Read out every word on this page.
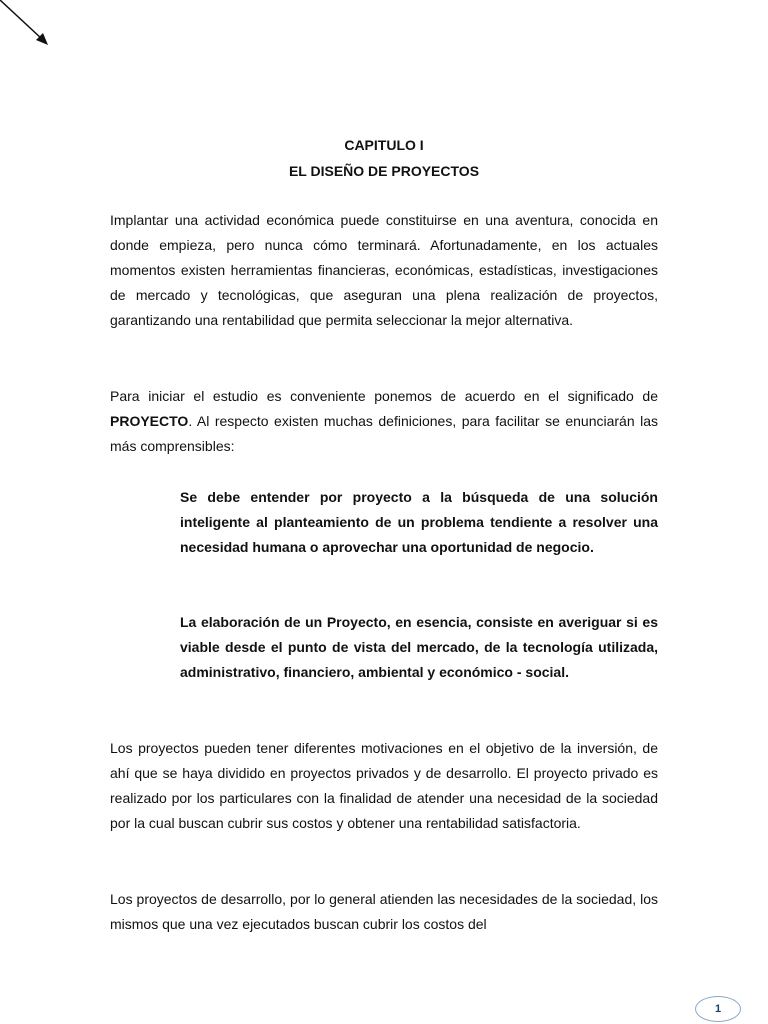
CAPITULO I
EL DISEÑO DE PROYECTOS

Implantar una actividad económica puede constituirse en una aventura, conocida en donde empieza, pero nunca cómo terminará. Afortunadamente, en los actuales momentos existen herramientas financieras, económicas, estadísticas, investigaciones de mercado y tecnológicas, que aseguran una plena realización de proyectos, garantizando una rentabilidad que permita seleccionar la mejor alternativa.

Para iniciar el estudio es conveniente ponemos de acuerdo en el significado de PROYECTO. Al respecto existen muchas definiciones, para facilitar se enunciarán las más comprensibles:

Se debe entender por proyecto a la búsqueda de una solución inteligente al planteamiento de un problema tendiente a resolver una necesidad humana o aprovechar una oportunidad de negocio.

La elaboración de un Proyecto, en esencia, consiste en averiguar si es viable desde el punto de vista del mercado, de la tecnología utilizada, administrativo, financiero, ambiental y económico - social.

Los proyectos pueden tener diferentes motivaciones en el objetivo de la inversión, de ahí que se haya dividido en proyectos privados y de desarrollo. El proyecto privado es realizado por los particulares con la finalidad de atender una necesidad de la sociedad por la cual buscan cubrir sus costos y obtener una rentabilidad satisfactoria.

Los proyectos de desarrollo, por lo general atienden las necesidades de la sociedad, los mismos que una vez ejecutados buscan cubrir los costos del

1
